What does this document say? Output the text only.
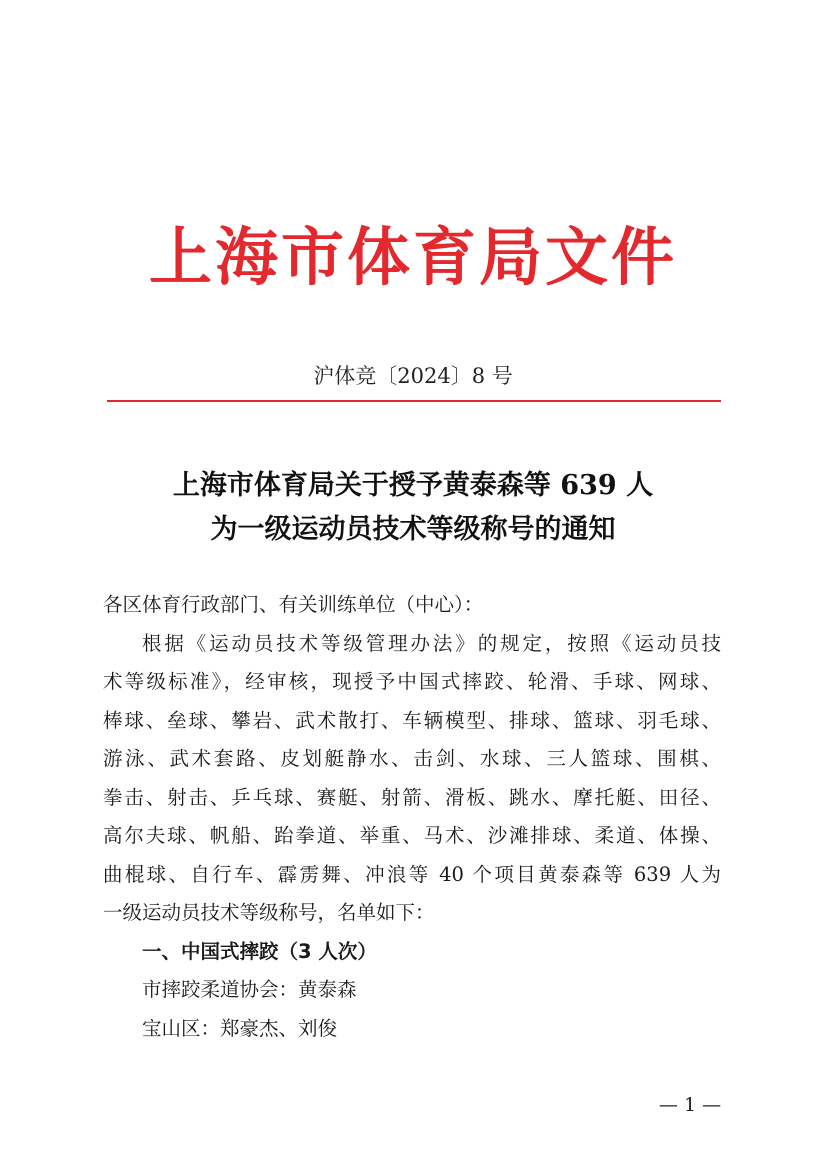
上海市体育局文件
沪体竞〔2024〕8 号
上海市体育局关于授予黄泰森等 639 人
为一级运动员技术等级称号的通知
各区体育行政部门、有关训练单位（中心）：
根据《运动员技术等级管理办法》的规定，按照《运动员技
术等级标准》，经审核，现授予中国式摔跤、轮滑、手球、网球、
棒球、垒球、攀岩、武术散打、车辆模型、排球、篮球、羽毛球、
游泳、武术套路、皮划艇静水、击剑、水球、三人篮球、围棋、
拳击、射击、乒乓球、赛艇、射箭、滑板、跳水、摩托艇、田径、
高尔夫球、帆船、跆拳道、举重、马术、沙滩排球、柔道、体操、
曲棍球、自行车、霹雳舞、冲浪等 40 个项目黄泰森等 639 人为
一级运动员技术等级称号，名单如下：
一、中国式摔跤（3 人次）
市摔跤柔道协会：黄泰森
宝山区：郑豪杰、刘俊
— 1 —
